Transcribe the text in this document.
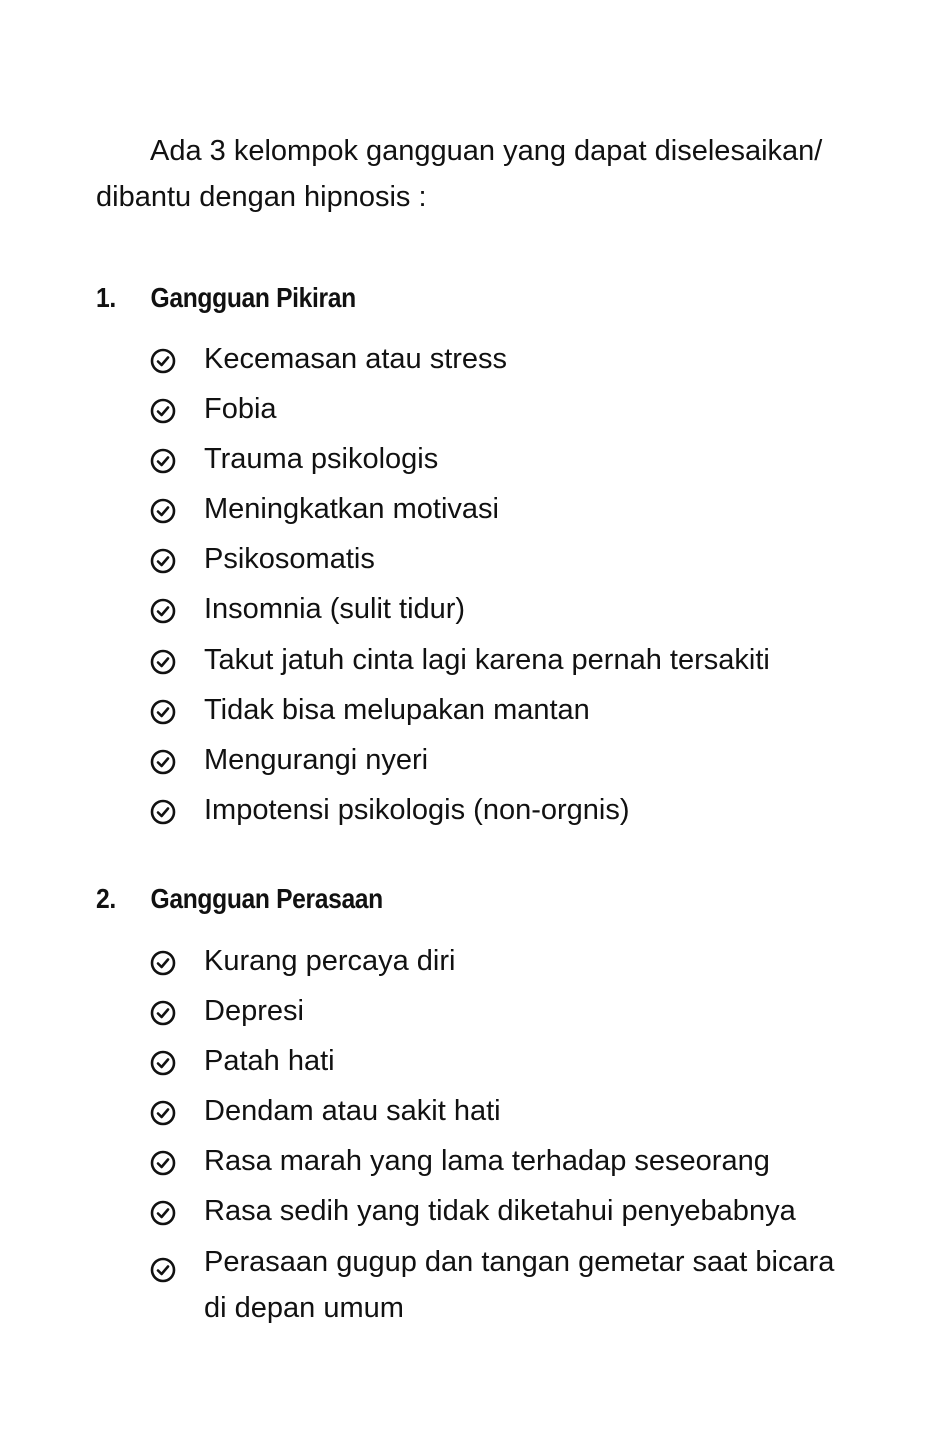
Ada 3 kelompok gangguan yang dapat diselesaikan/
dibantu dengan hipnosis :

1. Gangguan Pikiran
Kecemasan atau stress
Fobia
Trauma psikologis
Meningkatkan motivasi
Psikosomatis
Insomnia (sulit tidur)
Takut jatuh cinta lagi karena pernah tersakiti
Tidak bisa melupakan mantan
Mengurangi nyeri
Impotensi psikologis (non-orgnis)
2. Gangguan Perasaan
Kurang percaya diri
Depresi
Patah hati
Dendam atau sakit hati
Rasa marah yang lama terhadap seseorang
Rasa sedih yang tidak diketahui penyebabnya
Perasaan gugup dan tangan gemetar saat bicara di depan umum
